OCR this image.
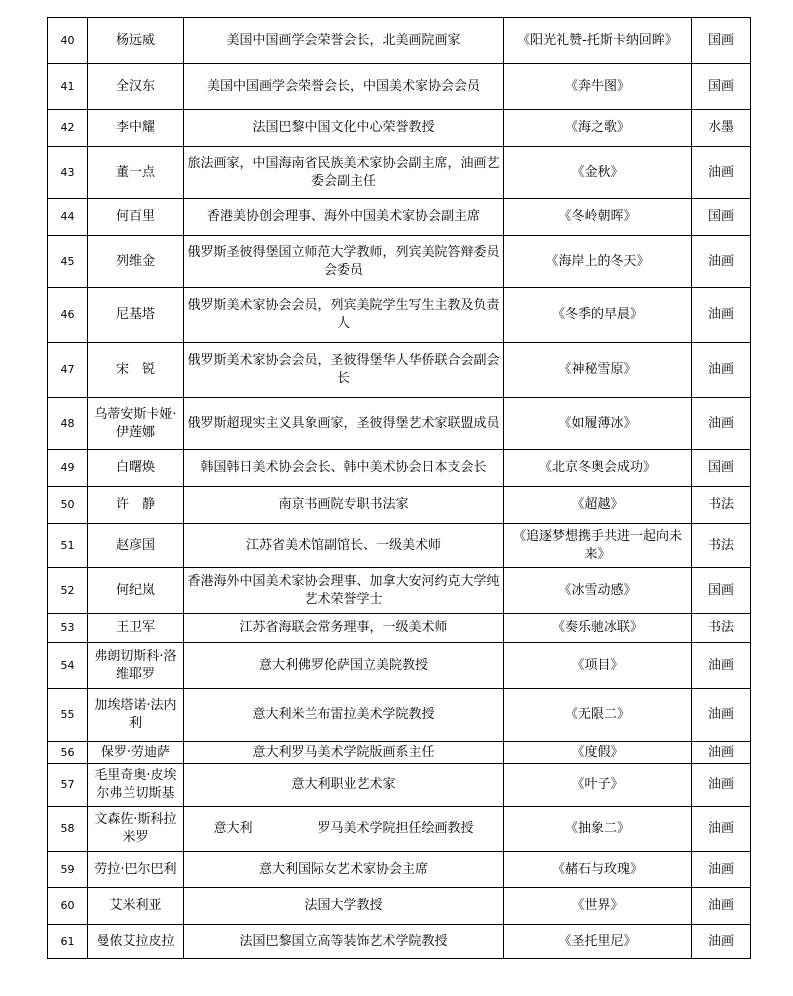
40	杨远威	美国中国画学会荣誉会长，北美画院画家	《阳光礼赞-托斯卡纳回眸》	国画
41	全汉东	美国中国画学会荣誉会长，中国美术家协会会员	《奔牛图》	国画
42	李中耀	法国巴黎中国文化中心荣誉教授	《海之歌》	水墨
43	董一点	旅法画家，中国海南省民族美术家协会副主席，油画艺委会副主任	《金秋》	油画
44	何百里	香港美协创会理事、海外中国美术家协会副主席	《冬岭朝晖》	国画
45	列维金	俄罗斯圣彼得堡国立师范大学教师，列宾美院答辩委员会委员	《海岸上的冬天》	油画
46	尼基塔	俄罗斯美术家协会会员，列宾美院学生写生主教及负责人	《冬季的早晨》	油画
47	宋　锐	俄罗斯美术家协会会员，圣彼得堡华人华侨联合会副会长	《神秘雪原》	油画
48	乌蒂安斯卡娅·伊莲娜	俄罗斯超现实主义具象画家，圣彼得堡艺术家联盟成员	《如履薄冰》	油画
49	白曙焕	韩国韩日美术协会会长、韩中美术协会日本支会长	《北京冬奥会成功》	国画
50	许　静	南京书画院专职书法家	《超越》	书法
51	赵彦国	江苏省美术馆副馆长、一级美术师	《追逐梦想携手共进一起向未来》	书法
52	何纪岚	香港海外中国美术家协会理事、加拿大安河约克大学纯艺术荣誉学士	《冰雪动感》	国画
53	王卫军	江苏省海联会常务理事，一级美术师	《奏乐驰冰联》	书法
54	弗朗切斯科·洛维耶罗	意大利佛罗伦萨国立美院教授	《项目》	油画
55	加埃塔诺·法内利	意大利米兰布雷拉美术学院教授	《无限二》	油画
56	保罗·劳迪萨	意大利罗马美术学院版画系主任	《度假》	油画
57	毛里奇奥·皮埃尔弗兰切斯基	意大利职业艺术家	《叶子》	油画
58	文森佐·斯科拉米罗	意大利　　　　　罗马美术学院担任绘画教授	《抽象二》	油画
59	劳拉·巴尔巴利	意大利国际女艺术家协会主席	《赭石与玫瑰》	油画
60	艾米利亚	法国大学教授	《世界》	油画
61	曼侬艾拉皮拉	法国巴黎国立高等装饰艺术学院教授	《圣托里尼》	油画
